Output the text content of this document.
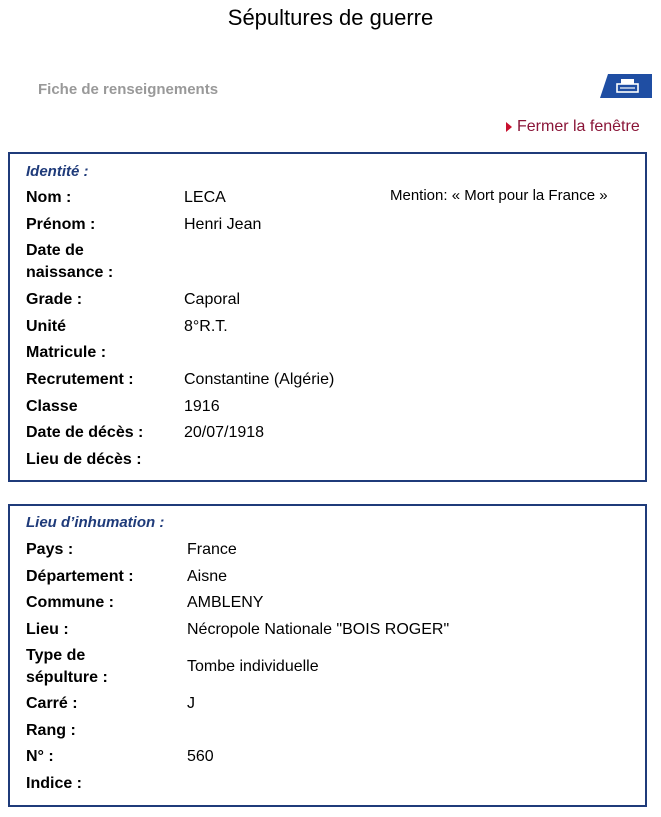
Sépultures de guerre
Fiche de renseignements
Fermer la fenêtre
Identité :
Mention: « Mort pour la France »
Nom :	LECA
Prénom :	Henri Jean
Date de
naissance :
Grade :	Caporal
Unité	8°R.T.
Matricule :
Recrutement :	Constantine (Algérie)
Classe	1916
Date de décès :	20/07/1918
Lieu de décès :
Lieu d’inhumation :
Pays :	France
Département :	Aisne
Commune :	AMBLENY
Lieu :	Nécropole Nationale "BOIS ROGER"
Type de
sépulture :
Tombe individuelle
Carré :	J
Rang :
N° :	560
Indice :
